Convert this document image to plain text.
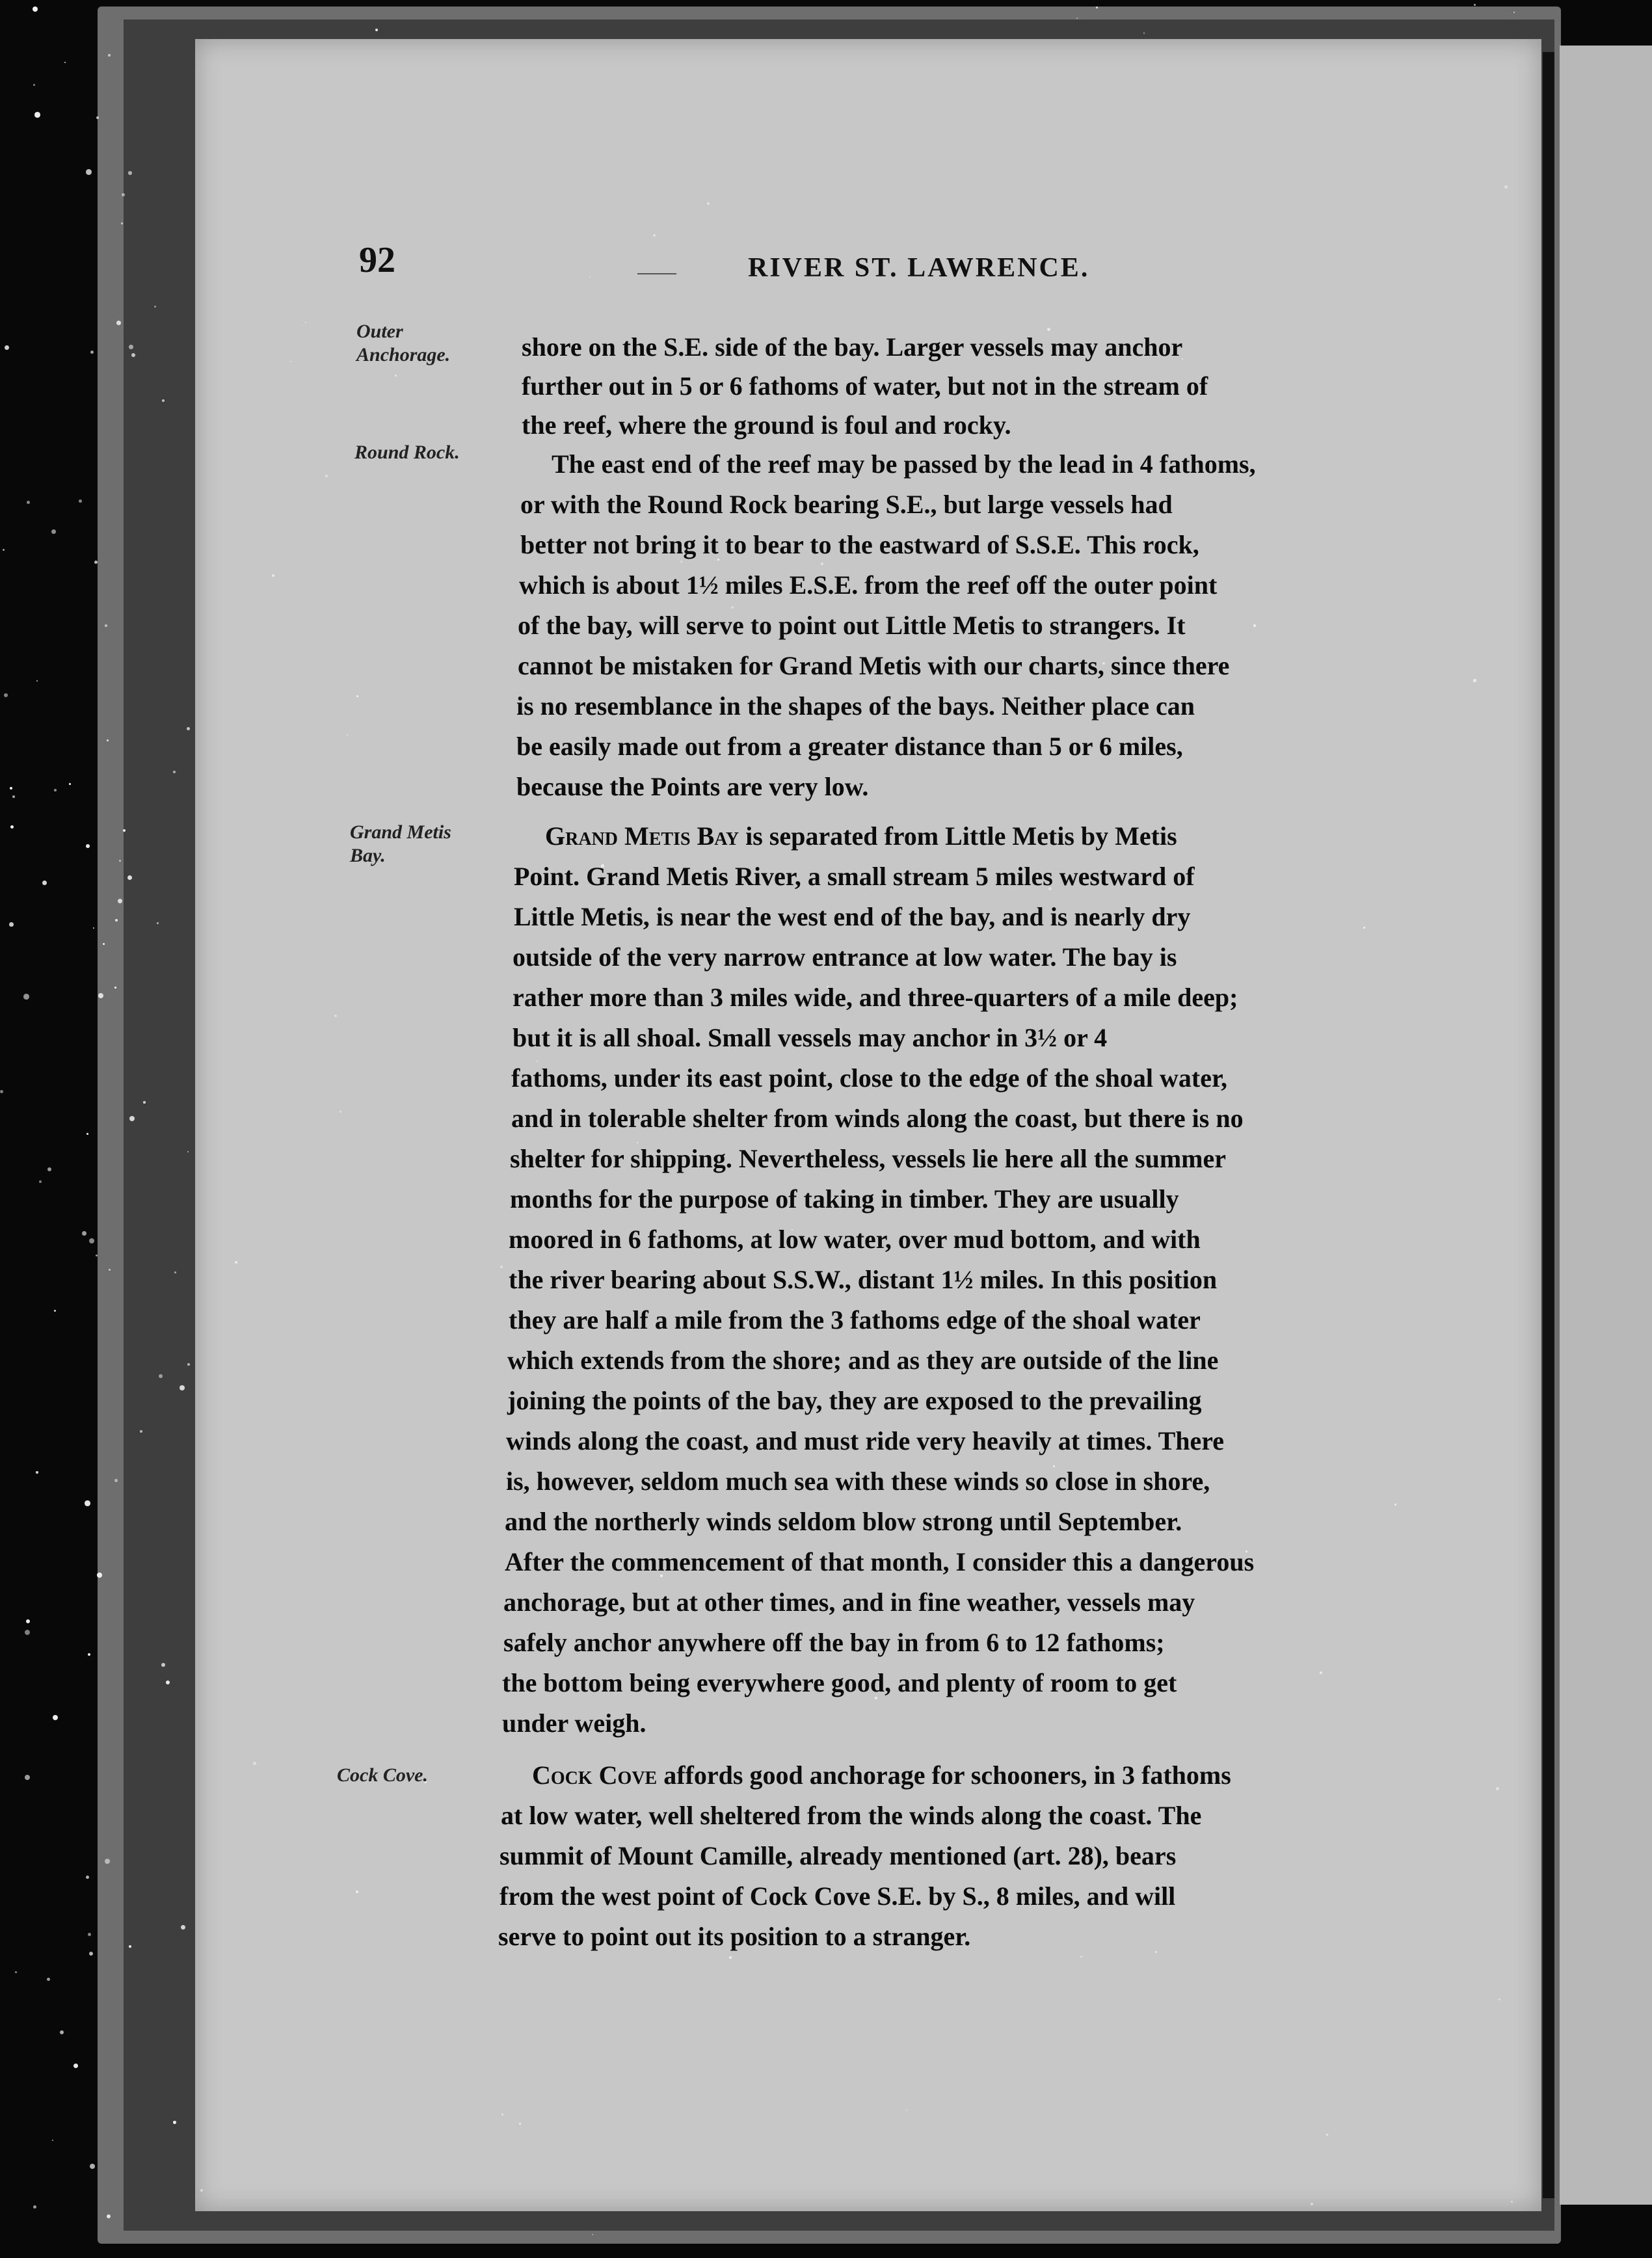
92	RIVER ST. LAWRENCE.
Outer
Anchorage.
Round Rock.
Grand Metis
Bay.
Cock Cove.
shore on the S.E. side of the bay. Larger vessels may anchor
further out in 5 or 6 fathoms of water, but not in the stream of
the reef, where the ground is foul and rocky.
The east end of the reef may be passed by the lead in 4 fathoms,
or with the Round Rock bearing S.E., but large vessels had
better not bring it to bear to the eastward of S.S.E. This rock,
which is about 1½ miles E.S.E. from the reef off the outer point
of the bay, will serve to point out Little Metis to strangers. It
cannot be mistaken for Grand Metis with our charts, since there
is no resemblance in the shapes of the bays. Neither place can
be easily made out from a greater distance than 5 or 6 miles,
because the Points are very low.
Grand Metis Bay is separated from Little Metis by Metis
Point. Grand Metis River, a small stream 5 miles westward of
Little Metis, is near the west end of the bay, and is nearly dry
outside of the very narrow entrance at low water. The bay is
rather more than 3 miles wide, and three-quarters of a mile deep;
but it is all shoal. Small vessels may anchor in 3½ or 4
fathoms, under its east point, close to the edge of the shoal water,
and in tolerable shelter from winds along the coast, but there is no
shelter for shipping. Nevertheless, vessels lie here all the summer
months for the purpose of taking in timber. They are usually
moored in 6 fathoms, at low water, over mud bottom, and with
the river bearing about S.S.W., distant 1½ miles. In this position
they are half a mile from the 3 fathoms edge of the shoal water
which extends from the shore; and as they are outside of the line
joining the points of the bay, they are exposed to the prevailing
winds along the coast, and must ride very heavily at times. There
is, however, seldom much sea with these winds so close in shore,
and the northerly winds seldom blow strong until September.
After the commencement of that month, I consider this a dangerous
anchorage, but at other times, and in fine weather, vessels may
safely anchor anywhere off the bay in from 6 to 12 fathoms;
the bottom being everywhere good, and plenty of room to get
under weigh.
Cock Cove affords good anchorage for schooners, in 3 fathoms
at low water, well sheltered from the winds along the coast. The
summit of Mount Camille, already mentioned (art. 28), bears
from the west point of Cock Cove S.E. by S., 8 miles, and will
serve to point out its position to a stranger.
